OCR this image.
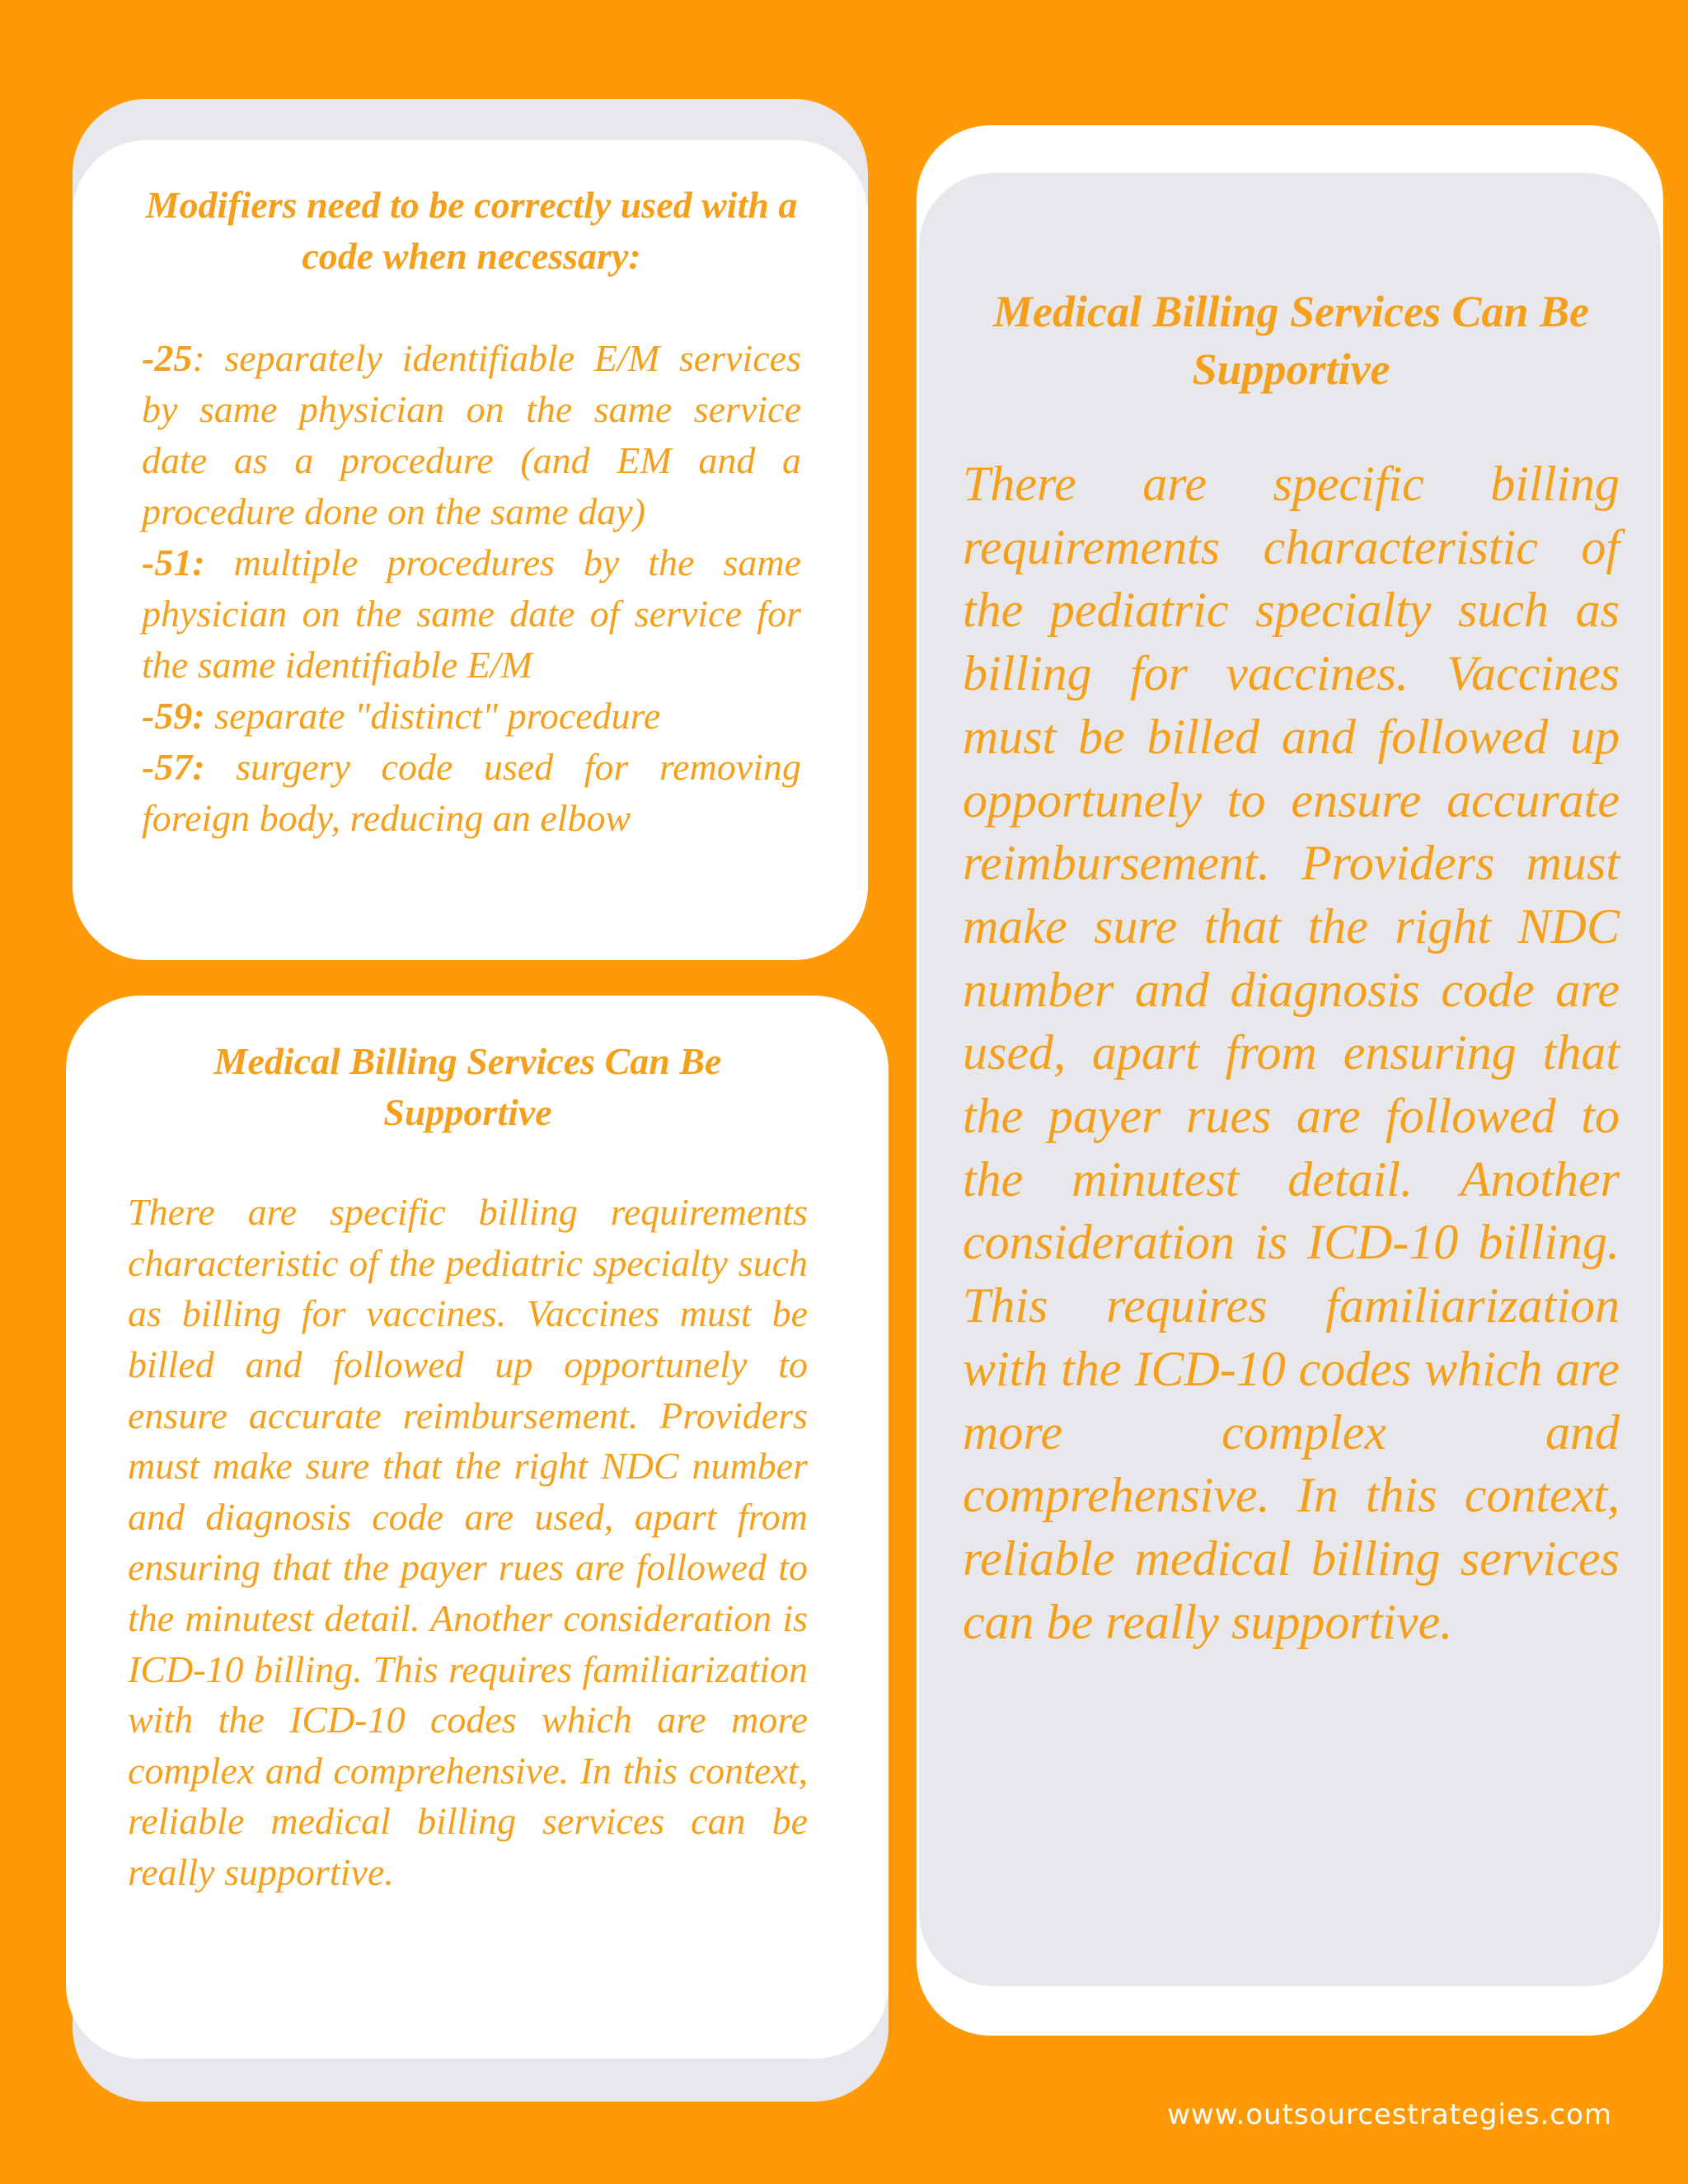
Modifiers need to be correctly used with a code when necessary:

-25: separately identifiable E/M services by same physician on the same service date as a procedure (and EM and a procedure done on the same day)

-51: multiple procedures by the same physician on the same date of service for the same identifiable E/M

-59: separate "distinct" procedure

-57: surgery code used for removing foreign body, reducing an elbow

Medical Billing Services Can Be Supportive

There are specific billing requirements characteristic of the pediatric specialty such as billing for vaccines. Vaccines must be billed and followed up opportunely to ensure accurate reimbursement. Providers must make sure that the right NDC number and diagnosis code are used, apart from ensuring that the payer rues are followed to the minutest detail. Another consideration is ICD-10 billing. This requires familiarization with the ICD-10 codes which are more complex and comprehensive. In this context, reliable medical billing services can be really supportive.

Medical Billing Services Can Be Supportive

There are specific billing requirements characteristic of the pediatric specialty such as billing for vaccines. Vaccines must be billed and followed up opportunely to ensure accurate reimbursement. Providers must make sure that the right NDC number and diagnosis code are used, apart from ensuring that the payer rues are followed to the minutest detail. Another consideration is ICD-10 billing. This requires familiarization with the ICD-10 codes which are more complex and comprehensive. In this context, reliable medical billing services can be really supportive.

www.outsourcestrategies.com
